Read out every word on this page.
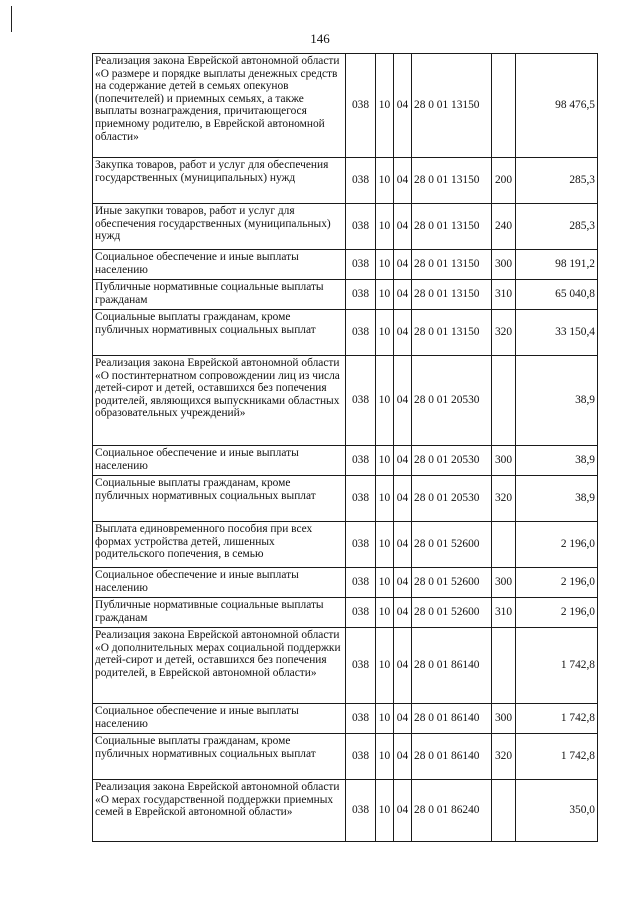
146
Реализация закона Еврейской автономной области «О размере и порядке выплаты денежных средств на содержание детей в семьях опекунов (попечителей) и приемных семьях, а также выплаты вознаграждения, причитающегося приемному родителю, в Еврейской автономной области»	038	10	04	28 0 01 13150		98 476,5
Закупка товаров, работ и услуг для обеспечения государственных (муниципальных) нужд	038	10	04	28 0 01 13150	200	285,3
Иные закупки товаров, работ и услуг для обеспечения государственных (муниципальных) нужд	038	10	04	28 0 01 13150	240	285,3
Социальное обеспечение и иные выплаты населению	038	10	04	28 0 01 13150	300	98 191,2
Публичные нормативные социальные выплаты гражданам	038	10	04	28 0 01 13150	310	65 040,8
Социальные выплаты гражданам, кроме публичных нормативных социальных выплат	038	10	04	28 0 01 13150	320	33 150,4
Реализация закона Еврейской автономной области «О постинтернатном сопровождении лиц из числа детей-сирот и детей, оставшихся без попечения родителей, являющихся выпускниками областных образовательных учреждений»	038	10	04	28 0 01 20530		38,9
Социальное обеспечение и иные выплаты населению	038	10	04	28 0 01 20530	300	38,9
Социальные выплаты гражданам, кроме публичных нормативных социальных выплат	038	10	04	28 0 01 20530	320	38,9
Выплата единовременного пособия при всех формах устройства детей, лишенных родительского попечения, в семью	038	10	04	28 0 01 52600		2 196,0
Социальное обеспечение и иные выплаты населению	038	10	04	28 0 01 52600	300	2 196,0
Публичные нормативные социальные выплаты гражданам	038	10	04	28 0 01 52600	310	2 196,0
Реализация закона Еврейской автономной области «О дополнительных мерах социальной поддержки детей-сирот и детей, оставшихся без попечения родителей, в Еврейской автономной области»	038	10	04	28 0 01 86140		1 742,8
Социальное обеспечение и иные выплаты населению	038	10	04	28 0 01 86140	300	1 742,8
Социальные выплаты гражданам, кроме публичных нормативных социальных выплат	038	10	04	28 0 01 86140	320	1 742,8
Реализация закона Еврейской автономной области «О мерах государственной поддержки приемных семей в Еврейской автономной области»	038	10	04	28 0 01 86240		350,0
